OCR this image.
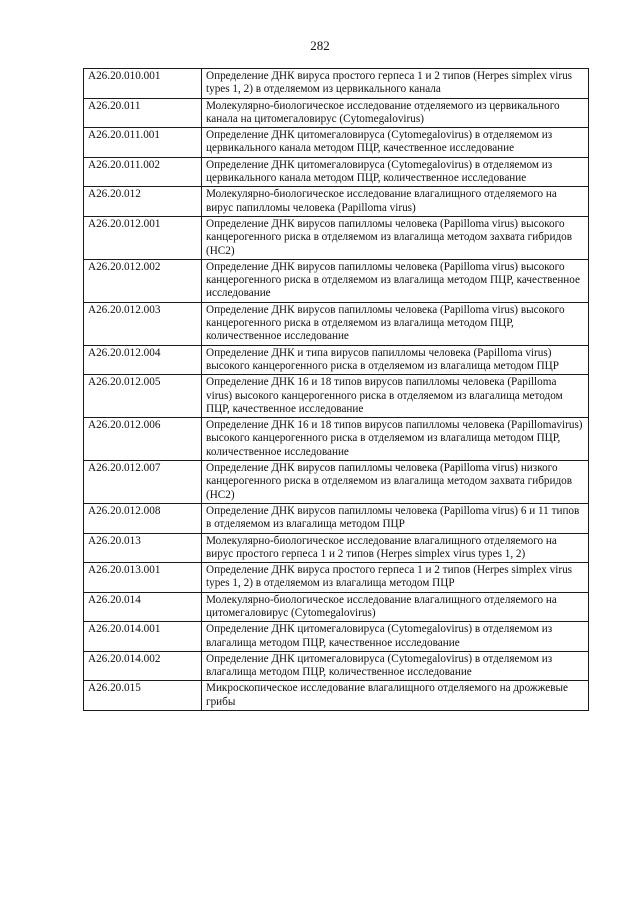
282
A26.20.010.001	Определение ДНК вируса простого герпеса 1 и 2 типов (Herpes simplex virus types 1, 2) в отделяемом из цервикального канала
A26.20.011	Молекулярно-биологическое исследование отделяемого из цервикального канала на цитомегаловирус (Cytomegalovirus)
A26.20.011.001	Определение ДНК цитомегаловируса (Cytomegalovirus) в отделяемом из цервикального канала методом ПЦР, качественное исследование
A26.20.011.002	Определение ДНК цитомегаловируса (Cytomegalovirus) в отделяемом из цервикального канала методом ПЦР, количественное исследование
A26.20.012	Молекулярно-биологическое исследование влагалищного отделяемого на вирус папилломы человека (Papilloma virus)
A26.20.012.001	Определение ДНК вирусов папилломы человека (Papilloma virus) высокого канцерогенного риска в отделяемом из влагалища методом захвата гибридов (НС2)
A26.20.012.002	Определение ДНК вирусов папилломы человека (Papilloma virus) высокого канцерогенного риска в отделяемом из влагалища методом ПЦР, качественное исследование
A26.20.012.003	Определение ДНК вирусов папилломы человека (Papilloma virus) высокого канцерогенного риска в отделяемом из влагалища методом ПЦР, количественное исследование
A26.20.012.004	Определение ДНК и типа вирусов папилломы человека (Papilloma virus) высокого канцерогенного риска в отделяемом из влагалища методом ПЦР
A26.20.012.005	Определение ДНК 16 и 18 типов вирусов папилломы человека (Papilloma virus) высокого канцерогенного риска в отделяемом из влагалища методом ПЦР, качественное исследование
A26.20.012.006	Определение ДНК 16 и 18 типов вирусов папилломы человека (Papillomavirus) высокого канцерогенного риска в отделяемом из влагалища методом ПЦР, количественное исследование
A26.20.012.007	Определение ДНК вирусов папилломы человека (Papilloma virus) низкого канцерогенного риска в отделяемом из влагалища методом захвата гибридов (НС2)
A26.20.012.008	Определение ДНК вирусов папилломы человека (Papilloma virus) 6 и 11 типов в отделяемом из влагалища методом ПЦР
A26.20.013	Молекулярно-биологическое исследование влагалищного отделяемого на вирус простого герпеса 1 и 2 типов (Herpes simplex virus types 1, 2)
A26.20.013.001	Определение ДНК вируса простого герпеса 1 и 2 типов (Herpes simplex virus types 1, 2) в отделяемом из влагалища методом ПЦР
A26.20.014	Молекулярно-биологическое исследование влагалищного отделяемого на цитомегаловирус (Cytomegalovirus)
A26.20.014.001	Определение ДНК цитомегаловируса (Cytomegalovirus) в отделяемом из влагалища методом ПЦР, качественное исследование
A26.20.014.002	Определение ДНК цитомегаловируса (Cytomegalovirus) в отделяемом из влагалища методом ПЦР, количественное исследование
A26.20.015	Микроскопическое исследование влагалищного отделяемого на дрожжевые грибы
